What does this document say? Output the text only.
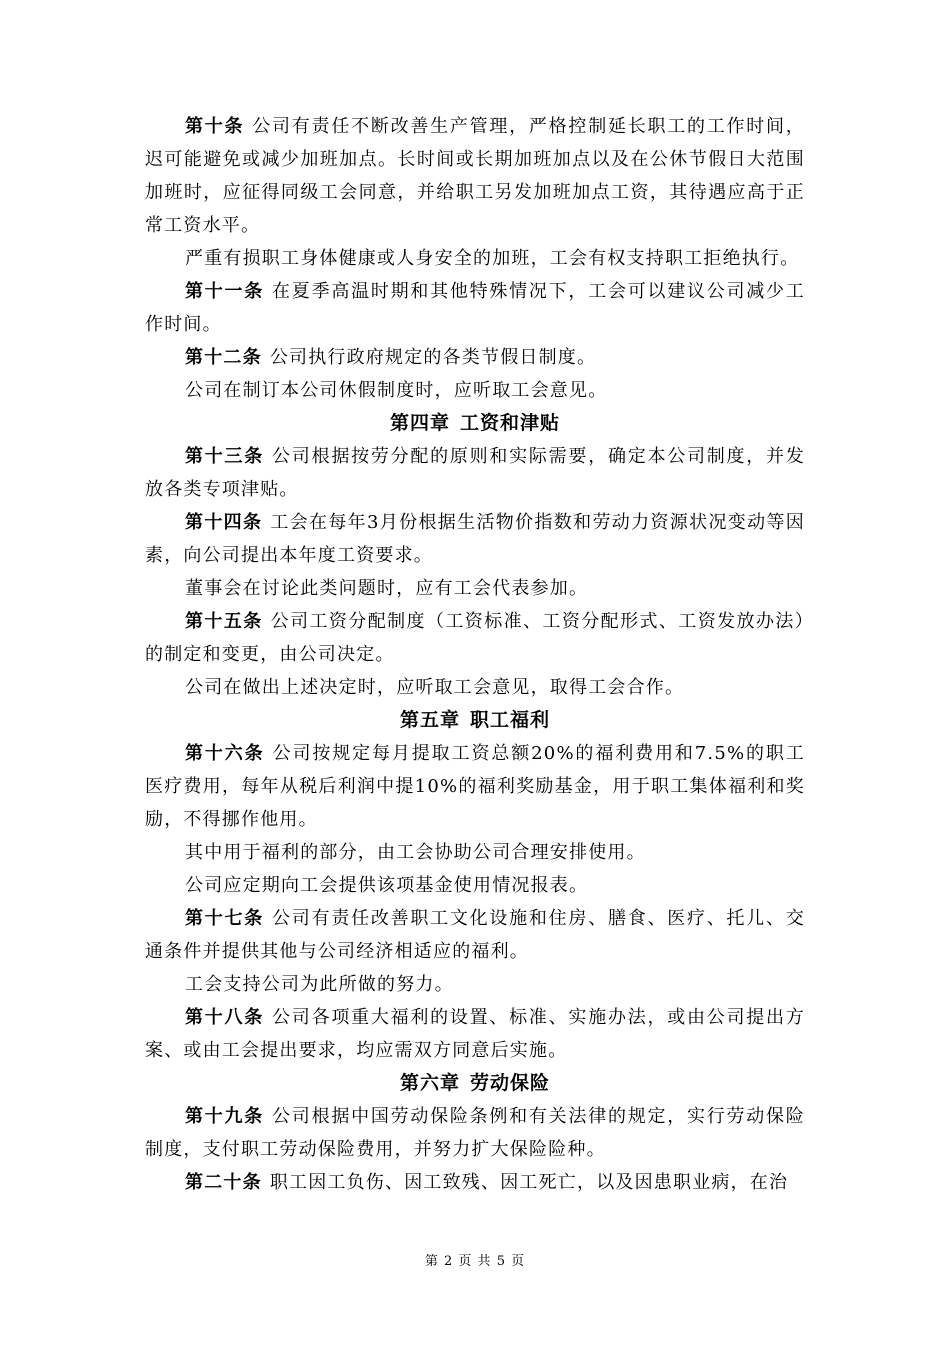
第十条 公司有责任不断改善生产管理，严格控制延长职工的工作时间，迟可能避免或减少加班加点。长时间或长期加班加点以及在公休节假日大范围加班时，应征得同级工会同意，并给职工另发加班加点工资，其待遇应高于正常工资水平。

严重有损职工身体健康或人身安全的加班，工会有权支持职工拒绝执行。

第十一条 在夏季高温时期和其他特殊情况下，工会可以建议公司减少工作时间。

第十二条 公司执行政府规定的各类节假日制度。

公司在制订本公司休假制度时，应听取工会意见。

第四章 工资和津贴

第十三条 公司根据按劳分配的原则和实际需要，确定本公司制度，并发放各类专项津贴。

第十四条 工会在每年3月份根据生活物价指数和劳动力资源状况变动等因素，向公司提出本年度工资要求。

董事会在讨论此类问题时，应有工会代表参加。

第十五条 公司工资分配制度（工资标准、工资分配形式、工资发放办法）的制定和变更，由公司决定。

公司在做出上述决定时，应听取工会意见，取得工会合作。

第五章 职工福利

第十六条 公司按规定每月提取工资总额20%的福利费用和7.5%的职工医疗费用，每年从税后利润中提10%的福利奖励基金，用于职工集体福利和奖励，不得挪作他用。

其中用于福利的部分，由工会协助公司合理安排使用。

公司应定期向工会提供该项基金使用情况报表。

第十七条 公司有责任改善职工文化设施和住房、膳食、医疗、托儿、交通条件并提供其他与公司经济相适应的福利。

工会支持公司为此所做的努力。

第十八条 公司各项重大福利的设置、标准、实施办法，或由公司提出方案、或由工会提出要求，均应需双方同意后实施。

第六章 劳动保险

第十九条 公司根据中国劳动保险条例和有关法律的规定，实行劳动保险制度，支付职工劳动保险费用，并努力扩大保险险种。

第二十条 职工因工负伤、因工致残、因工死亡，以及因患职业病，在治

第 2 页 共 5 页
